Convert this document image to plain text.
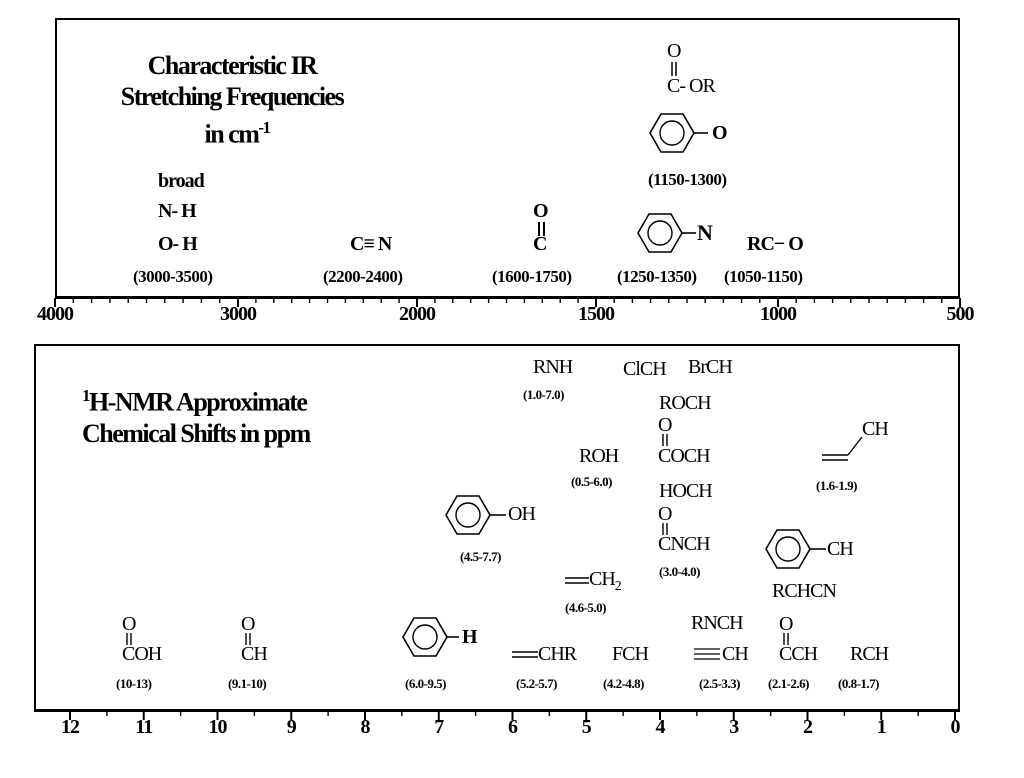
Characteristic IR
Stretching Frequencies
in $cm^{-1}$
broad
N- H
O- H
(3000-3500)
C≡ N
(2200-2400)
O
C
(1600-1750)
N
(1250-1350)
RC− O
(1050-1150)
O
C- OR
O
(1150-1300)
4000	3000	2000	1500	1000	500
$^1$H-NMR Approximate
Chemical Shifts in ppm
O
COH
(10-13)
O
CH
(9.1-10)
H
(6.0-9.5)
OH
(4.5-7.7)
CHR
(5.2-5.7)
$CH_2$
(4.6-5.0)
RNH
(1.0-7.0)
ROH
(0.5-6.0)
FCH
(4.2-4.8)
ClCH BrCH
ROCH
O
COCH
HOCH
O
CNCH
(3.0-4.0)
CH
(1.6-1.9)
RNCH
CH
(2.5-3.3)
CH
RCHCN
O
CCH
(2.1-2.6)
RCH
(0.8-1.7)
12	11	10	9	8	7	6	5	4	3	2	1	0
